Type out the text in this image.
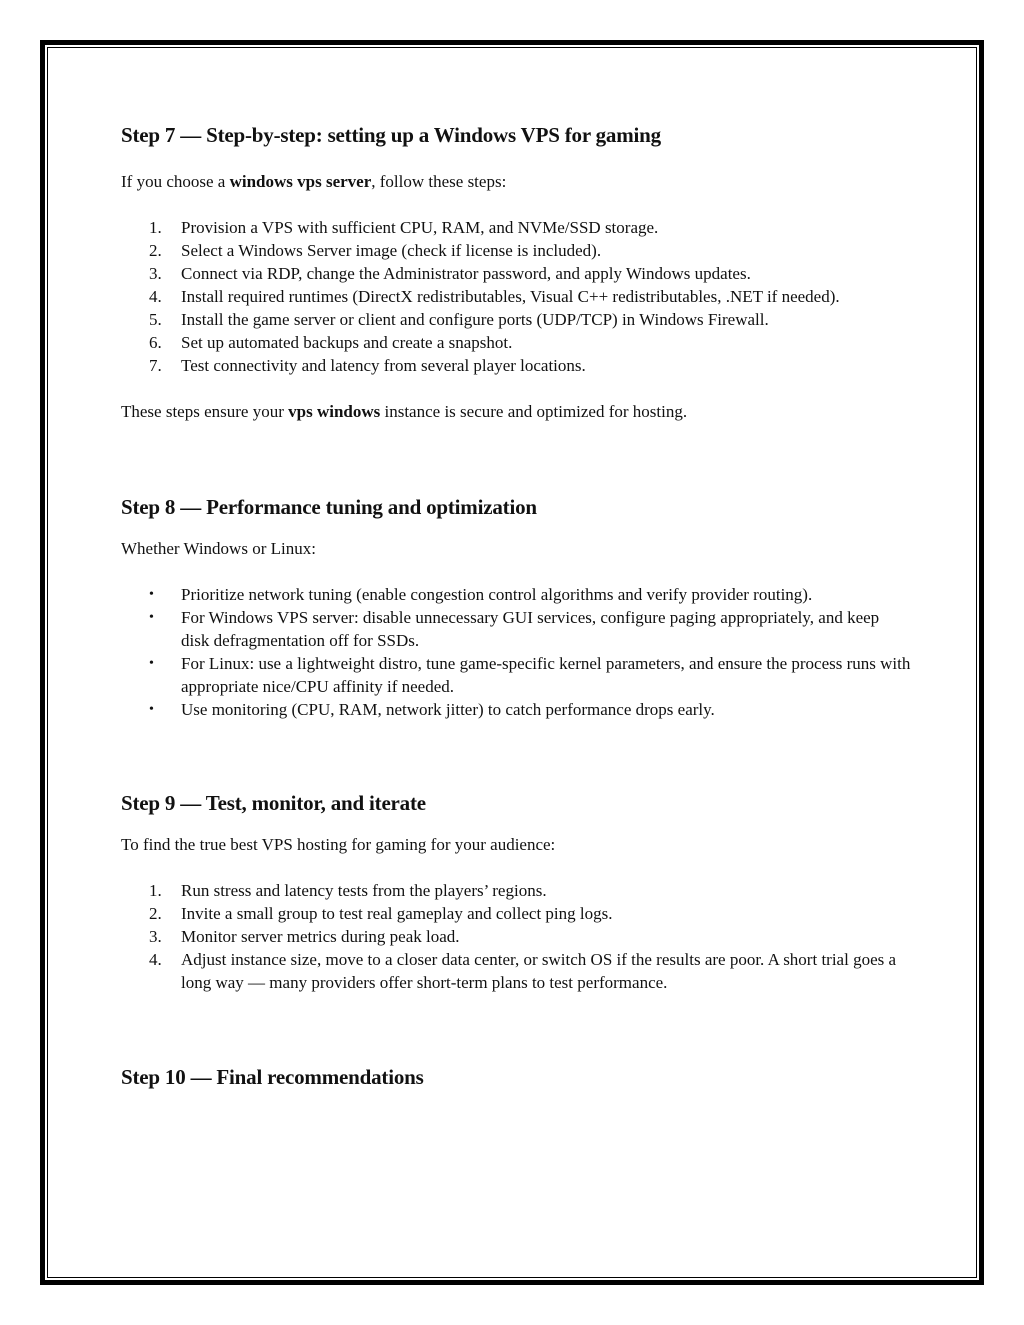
Step 7 — Step-by-step: setting up a Windows VPS for gaming

If you choose a windows vps server, follow these steps:

1.	Provision a VPS with sufficient CPU, RAM, and NVMe/SSD storage.
2.	Select a Windows Server image (check if license is included).
3.	Connect via RDP, change the Administrator password, and apply Windows updates.
4.	Install required runtimes (DirectX redistributables, Visual C++ redistributables, .NET if needed).
5.	Install the game server or client and configure ports (UDP/TCP) in Windows Firewall.
6.	Set up automated backups and create a snapshot.
7.	Test connectivity and latency from several player locations.

These steps ensure your vps windows instance is secure and optimized for hosting.

Step 8 — Performance tuning and optimization

Whether Windows or Linux:

•	Prioritize network tuning (enable congestion control algorithms and verify provider routing).
•	For Windows VPS server: disable unnecessary GUI services, configure paging appropriately, and keep disk defragmentation off for SSDs.
•	For Linux: use a lightweight distro, tune game-specific kernel parameters, and ensure the process runs with appropriate nice/CPU affinity if needed.
•	Use monitoring (CPU, RAM, network jitter) to catch performance drops early.
Step 9 — Test, monitor, and iterate

To find the true best VPS hosting for gaming for your audience:

1.	Run stress and latency tests from the players’ regions.
2.	Invite a small group to test real gameplay and collect ping logs.
3.	Monitor server metrics during peak load.
4.	Adjust instance size, move to a closer data center, or switch OS if the results are poor. A short trial goes a long way — many providers offer short-term plans to test performance.
Step 10 — Final recommendations
